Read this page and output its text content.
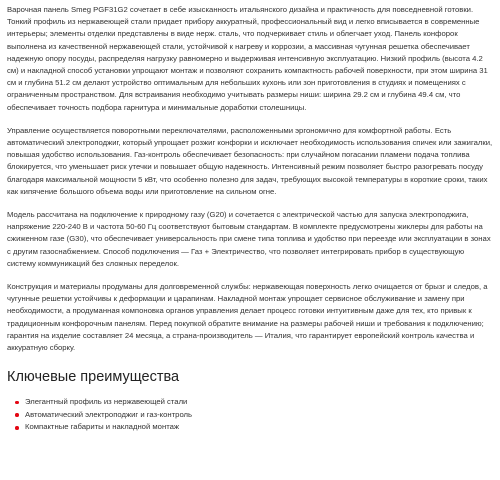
Варочная панель Smeg PGF31G2 сочетает в себе изысканность итальянского дизайна и практичность для повседневной готовки. Тонкий профиль из нержавеющей стали придает прибору аккуратный, профессиональный вид и легко вписывается в современные интерьеры; элементы отделки представлены в виде нерж. сталь, что подчеркивает стиль и облегчает уход. Панель конфорок выполнена из качественной нержавеющей стали, устойчивой к нагреву и коррозии, а массивная чугунная решетка обеспечивает надежную опору посуды, распределяя нагрузку равномерно и выдерживая интенсивную эксплуатацию. Низкий профиль (высота 4.2 см) и накладной способ установки упрощают монтаж и позволяют сохранить компактность рабочей поверхности, при этом ширина 31 см и глубина 51.2 см делают устройство оптимальным для небольших кухонь или зон приготовления в студиях и помещениях с ограниченным пространством. Для встраивания необходимо учитывать размеры ниши: ширина 29.2 см и глубина 49.4 см, что обеспечивает точность подбора гарнитура и минимальные доработки столешницы.

Управление осуществляется поворотными переключателями, расположенными эргономично для комфортной работы. Есть автоматический электроподжиг, который упрощает розжиг конфорки и исключает необходимость использования спичек или зажигалки, повышая удобство использования. Газ-контроль обеспечивает безопасность: при случайном погасании пламени подача топлива блокируется, что уменьшает риск утечки и повышает общую надежность. Интенсивный режим позволяет быстро разогревать посуду благодаря максимальной мощности 5 кВт, что особенно полезно для задач, требующих высокой температуры в короткие сроки, таких как кипячение большого объема воды или приготовление на сильном огне.

Модель рассчитана на подключение к природному газу (G20) и сочетается с электрической частью для запуска электроподжига, напряжение 220-240 В и частота 50-60 Гц соответствуют бытовым стандартам. В комплекте предусмотрены жиклеры для работы на сжиженном газе (G30), что обеспечивает универсальность при смене типа топлива и удобство при переезде или эксплуатации в зонах с другим газоснабжением. Способ подключения — Газ + Электричество, что позволяет интегрировать прибор в существующую систему коммуникаций без сложных переделок.

Конструкция и материалы продуманы для долговременной службы: нержавеющая поверхность легко очищается от брызг и следов, а чугунные решетки устойчивы к деформации и царапинам. Накладной монтаж упрощает сервисное обслуживание и замену при необходимости, а продуманная компоновка органов управления делает процесс готовки интуитивным даже для тех, кто привык к традиционным конфорочным панелям. Перед покупкой обратите внимание на размеры рабочей ниши и требования к подключению; гарантия на изделие составляет 24 месяца, а страна-производитель — Италия, что гарантирует европейский контроль качества и аккуратную сборку.

Ключевые преимущества
Элегантный профиль из нержавеющей стали
Автоматический электроподжиг и газ-контроль
Компактные габариты и накладной монтаж
